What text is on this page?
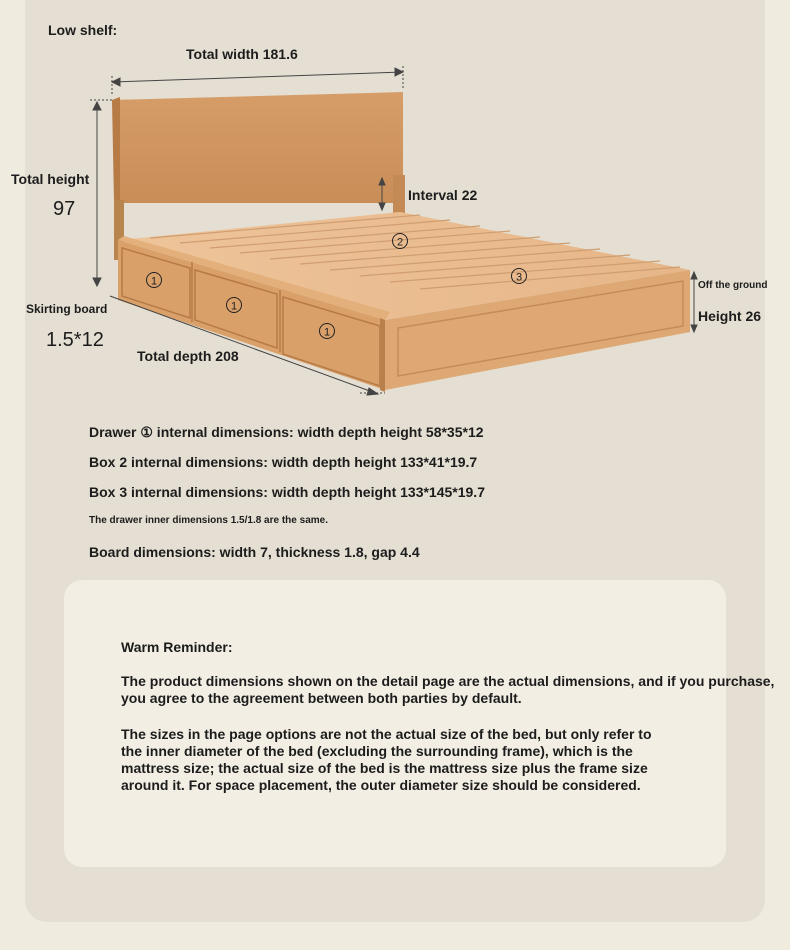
1
1
1
2
3
Low shelf:
Total width 181.6
Total height
97
Interval 22
Skirting board
1.5*12
Total depth 208
Off the ground
Height 26
Drawer ① internal dimensions: width depth height 58*35*12
Box 2 internal dimensions: width depth height 133*41*19.7
Box 3 internal dimensions: width depth height 133*145*19.7
The drawer inner dimensions 1.5/1.8 are the same.
Board dimensions: width 7, thickness 1.8, gap 4.4
Warm Reminder:

The product dimensions shown on the detail page are the actual dimensions, and if you purchase, you agree to the agreement between both parties by default.

The sizes in the page options are not the actual size of the bed, but only refer to the inner diameter of the bed (excluding the surrounding frame), which is the mattress size; the actual size of the bed is the mattress size plus the frame size around it. For space placement, the outer diameter size should be considered.
